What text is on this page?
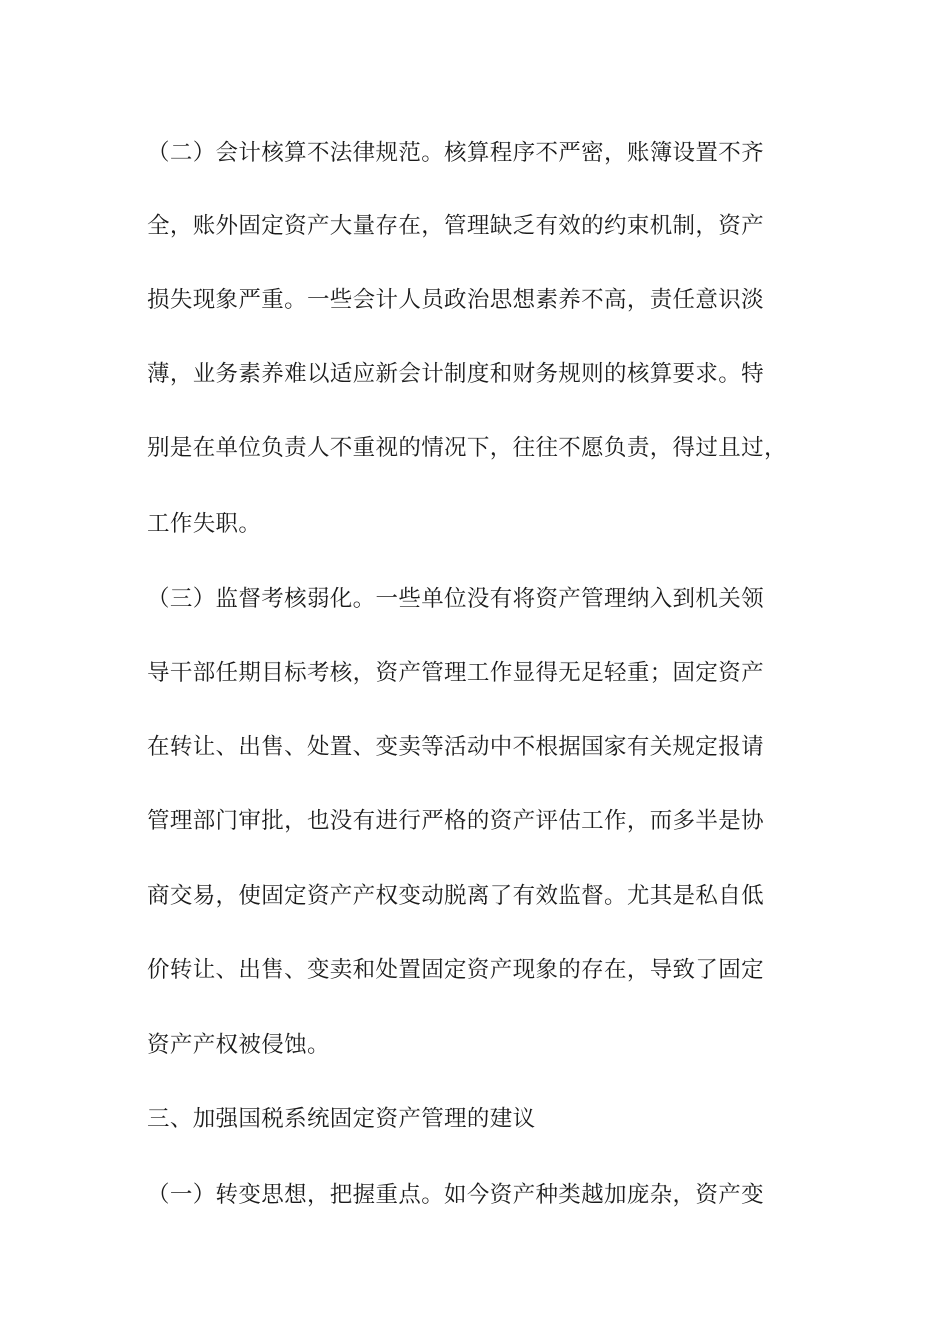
（二）会计核算不法律规范。核算程序不严密，账簿设置不齐

全，账外固定资产大量存在，管理缺乏有效的约束机制，资产

损失现象严重。一些会计人员政治思想素养不高，责任意识淡

薄，业务素养难以适应新会计制度和财务规则的核算要求。特

别是在单位负责人不重视的情况下，往往不愿负责，得过且过，

工作失职。

（三）监督考核弱化。一些单位没有将资产管理纳入到机关领

导干部任期目标考核，资产管理工作显得无足轻重；固定资产

在转让、出售、处置、变卖等活动中不根据国家有关规定报请

管理部门审批，也没有进行严格的资产评估工作，而多半是协

商交易，使固定资产产权变动脱离了有效监督。尤其是私自低

价转让、出售、变卖和处置固定资产现象的存在，导致了固定

资产产权被侵蚀。

三、加强国税系统固定资产管理的建议

（一）转变思想，把握重点。如今资产种类越加庞杂，资产变
